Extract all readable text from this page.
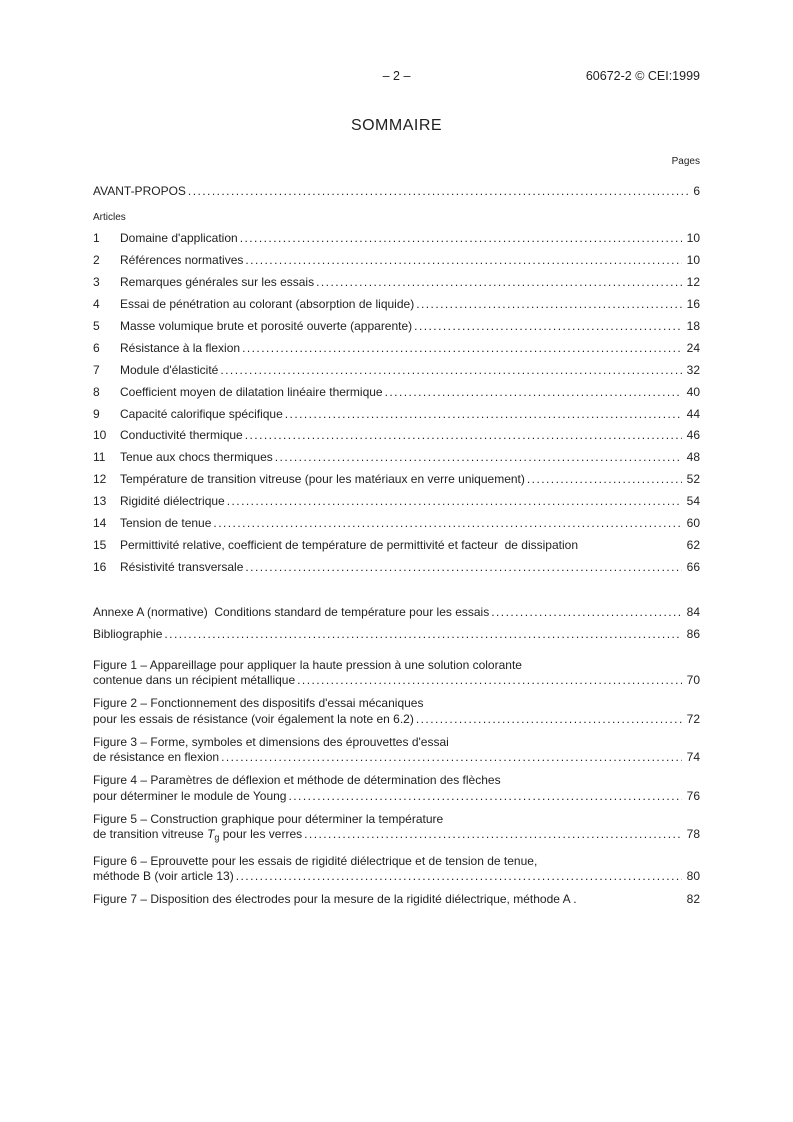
– 2 –	60672-2 © CEI:1999
SOMMAIRE
Pages
AVANT-PROPOS .....	6
Articles
1	Domaine d'application .....	10
2	Références normatives .....	10
3	Remarques générales sur les essais .....	12
4	Essai de pénétration au colorant (absorption de liquide) .....	16
5	Masse volumique brute et porosité ouverte (apparente) .....	18
6	Résistance à la flexion .....	24
7	Module d'élasticité .....	32
8	Coefficient moyen de dilatation linéaire thermique .....	40
9	Capacité calorifique spécifique .....	44
10	Conductivité thermique .....	46
11	Tenue aux chocs thermiques .....	48
12	Température de transition vitreuse (pour les matériaux en verre uniquement) .....	52
13	Rigidité diélectrique .....	54
14	Tension de tenue .....	60
15	Permittivité relative, coefficient de température de permittivité et facteur  de dissipation	62
16	Résistivité transversale .....	66
Annexe A (normative)  Conditions standard de température pour les essais .....	84
Bibliographie .....	86
Figure 1 – Appareillage pour appliquer la haute pression à une solution colorante
contenue dans un récipient métallique .....	70
Figure 2 – Fonctionnement des dispositifs d'essai mécaniques
pour les essais de résistance (voir également la note en 6.2) .....	72
Figure 3 – Forme, symboles et dimensions des éprouvettes d'essai
de résistance en flexion .....	74
Figure 4 – Paramètres de déflexion et méthode de détermination des flèches
pour déterminer le module de Young .....	76
Figure 5 – Construction graphique pour déterminer la température
de transition vitreuse $T_g$ pour les verres .....	78
Figure 6 – Eprouvette pour les essais de rigidité diélectrique et de tension de tenue,
méthode B (voir article 13) .....	80
Figure 7 – Disposition des électrodes pour la mesure de la rigidité diélectrique, méthode A .	82
